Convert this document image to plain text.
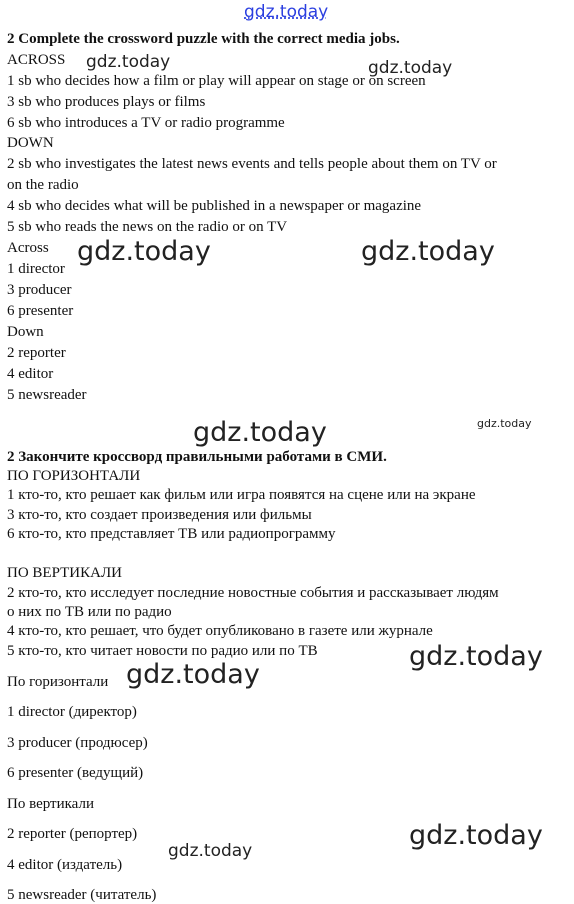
gdz.today
2 Complete the crossword puzzle with the correct media jobs.
ACROSS
1 sb who decides how a film or play will appear on stage or on screen
3 sb who produces plays or films
6 sb who introduces a TV or radio programme
DOWN
2 sb who investigates the latest news events and tells people about them on TV or
on the radio
4 sb who decides what will be published in a newspaper or magazine
5 sb who reads the news on the radio or on TV
Across
1 director
3 producer
6 presenter
Down
2 reporter
4 editor
5 newsreader
2 Закончите кроссворд правильными работами в СМИ.
ПО ГОРИЗОНТАЛИ
1 кто-то, кто решает как фильм или игра появятся на сцене или на экране
3 кто-то, кто создает произведения или фильмы
6 кто-то, кто представляет ТВ или радиопрограмму
ПО ВЕРТИКАЛИ
2 кто-то, кто исследует последние новостные события и рассказывает людям
о них по ТВ или по радио
4 кто-то, кто решает, что будет опубликовано в газете или журнале
5 кто-то, кто читает новости по радио или по ТВ
По горизонтали
1 director (директор)
3 producer (продюсер)
6 presenter (ведущий)
По вертикали
2 reporter (репортер)
4 editor (издатель)
5 newsreader (читатель)
gdz.today	gdz.today
gdz.today	gdz.today
gdz.today
gdz.today
gdz.today
gdz.today
gdz.today
gdz.today
